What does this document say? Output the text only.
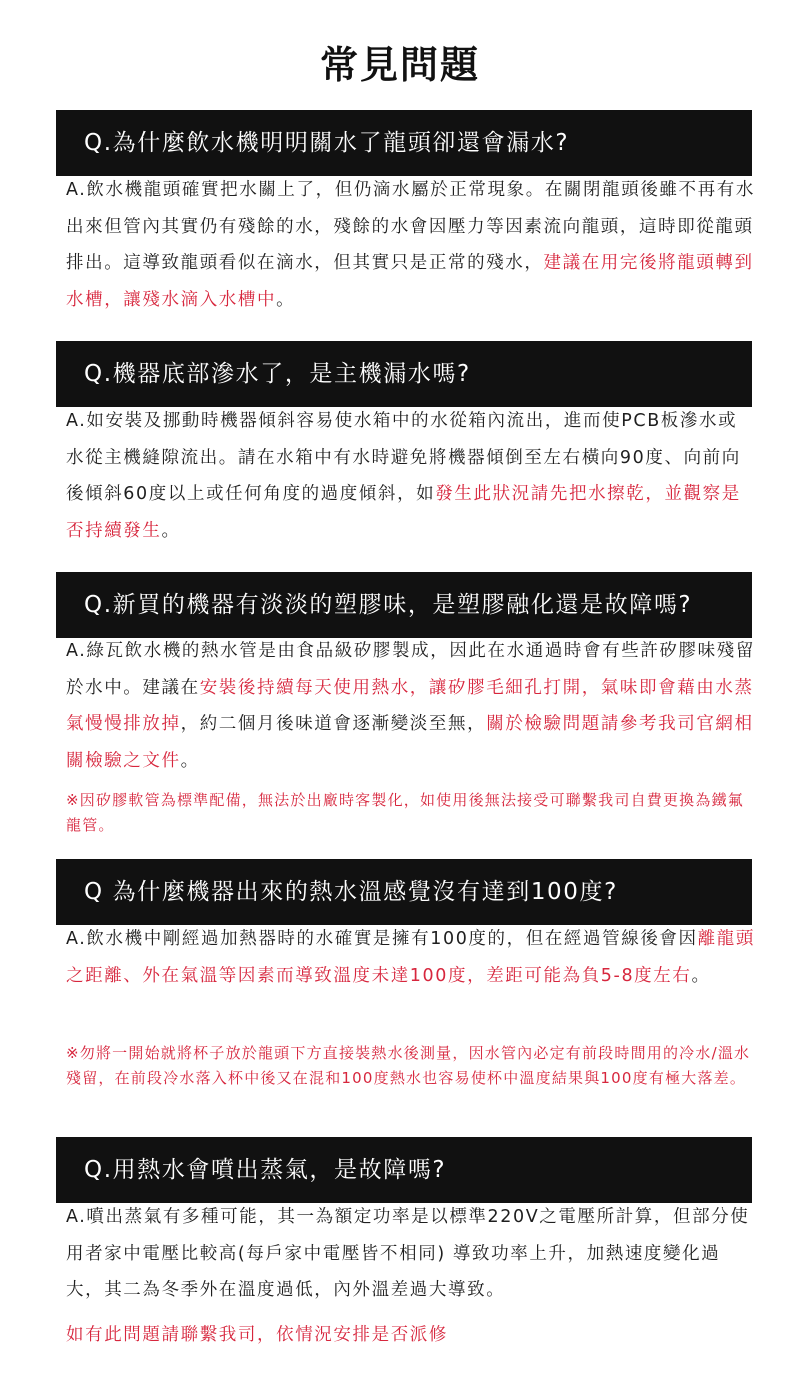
常見問題
Q.為什麼飲水機明明關水了龍頭卻還會漏水?

A.飲水機龍頭確實把水關上了，但仍滴水屬於正常現象。在關閉龍頭後雖不再有水出來但管內其實仍有殘餘的水，殘餘的水會因壓力等因素流向龍頭，這時即從龍頭排出。這導致龍頭看似在滴水，但其實只是正常的殘水，建議在用完後將龍頭轉到水槽，讓殘水滴入水槽中。

Q.機器底部滲水了，是主機漏水嗎?

A.如安裝及挪動時機器傾斜容易使水箱中的水從箱內流出，進而使PCB板滲水或水從主機縫隙流出。請在水箱中有水時避免將機器傾倒至左右橫向90度、向前向後傾斜60度以上或任何角度的過度傾斜，如發生此狀況請先把水擦乾，並觀察是否持續發生。

Q.新買的機器有淡淡的塑膠味，是塑膠融化還是故障嗎?

A.綠瓦飲水機的熱水管是由食品級矽膠製成，因此在水通過時會有些許矽膠味殘留於水中。建議在安裝後持續每天使用熱水，讓矽膠毛細孔打開，氣味即會藉由水蒸氣慢慢排放掉，約二個月後味道會逐漸變淡至無，關於檢驗問題請參考我司官網相關檢驗之文件。

※因矽膠軟管為標準配備，無法於出廠時客製化，如使用後無法接受可聯繫我司自費更換為鐵氟龍管。

Q 為什麼機器出來的熱水溫感覺沒有達到100度?

A.飲水機中剛經過加熱器時的水確實是擁有100度的，但在經過管線後會因離龍頭之距離、外在氣溫等因素而導致溫度未達100度，差距可能為負5-8度左右。

※勿將一開始就將杯子放於龍頭下方直接裝熱水後測量，因水管內必定有前段時間用的冷水/溫水殘留，在前段冷水落入杯中後又在混和100度熱水也容易使杯中溫度結果與100度有極大落差。

Q.用熱水會噴出蒸氣，是故障嗎?

A.噴出蒸氣有多種可能，其一為額定功率是以標準220V之電壓所計算，但部分使用者家中電壓比較高(每戶家中電壓皆不相同) 導致功率上升，加熱速度變化過大，其二為冬季外在溫度過低，內外溫差過大導致。

如有此問題請聯繫我司，依情況安排是否派修
